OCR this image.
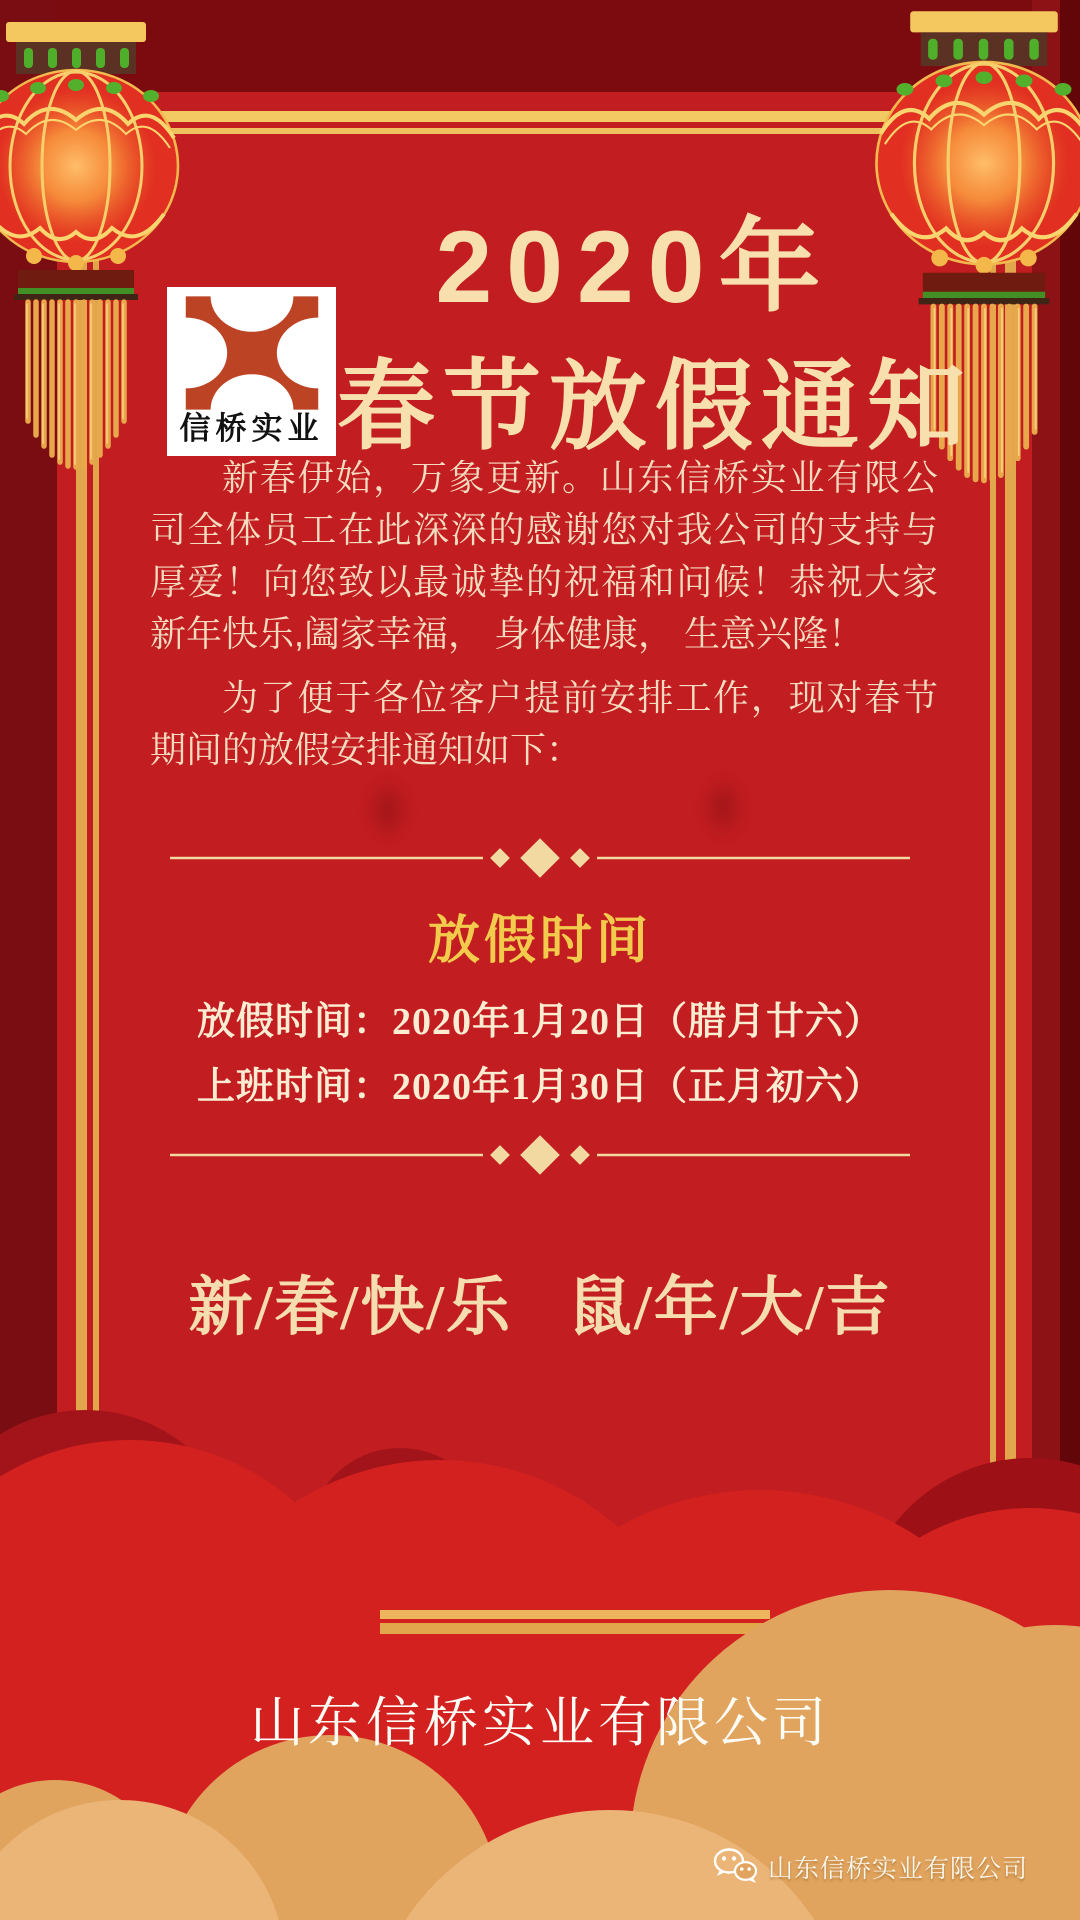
信桥实业
2020年
春节放假通知
新春伊始，万象更新。山东信桥实业有限公司全体员工在此深深的感谢您对我公司的支持与厚爱！向您致以最诚挚的祝福和问候！恭祝大家新年快乐,阖家幸福， 身体健康， 生意兴隆！
为了便于各位客户提前安排工作，现对春节期间的放假安排通知如下：
放假时间
放假时间：2020年1月20日（腊月廿六）
上班时间：2020年1月30日（正月初六）
新/春/快/乐 鼠/年/大/吉
山东信桥实业有限公司
山东信桥实业有限公司
